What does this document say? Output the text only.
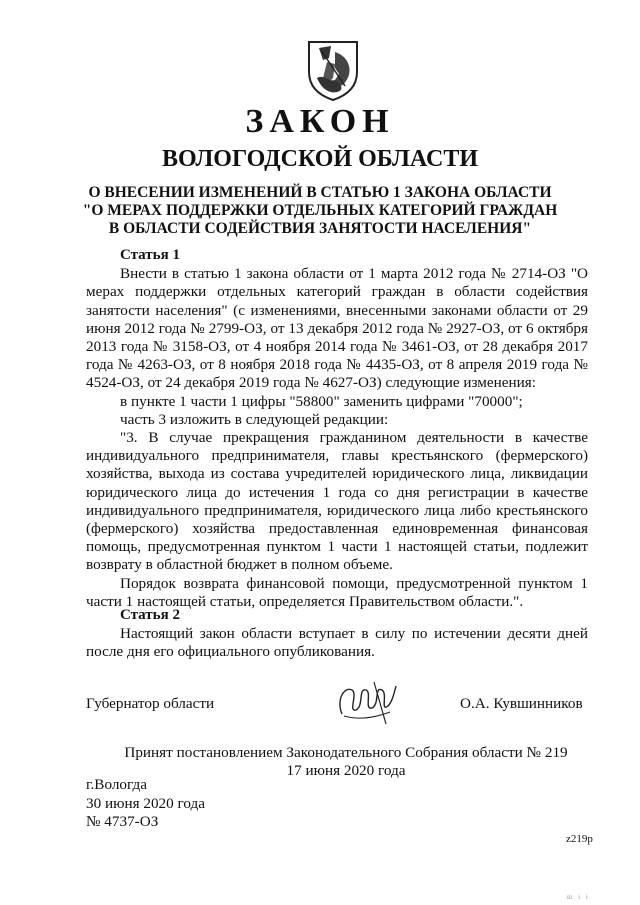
ЗАКОН
ВОЛОГОДСКОЙ ОБЛАСТИ
О ВНЕСЕНИИ ИЗМЕНЕНИЙ В СТАТЬЮ 1 ЗАКОНА ОБЛАСТИ
"О МЕРАХ ПОДДЕРЖКИ ОТДЕЛЬНЫХ КАТЕГОРИЙ ГРАЖДАН
В ОБЛАСТИ СОДЕЙСТВИЯ ЗАНЯТОСТИ НАСЕЛЕНИЯ"

Статья 1

Внести в статью 1 закона области от 1 марта 2012 года № 2714-ОЗ "О мерах поддержки отдельных категорий граждан в области содействия занятости населения" (с изменениями, внесенными законами области от 29 июня 2012 года № 2799-ОЗ, от 13 декабря 2012 года № 2927-ОЗ, от 6 октября 2013 года № 3158-ОЗ, от 4 ноября 2014 года № 3461-ОЗ, от 28 декабря 2017 года № 4263-ОЗ, от 8 ноября 2018 года № 4435-ОЗ, от 8 апреля 2019 года № 4524-ОЗ, от 24 декабря 2019 года № 4627-ОЗ) следующие изменения:

в пункте 1 части 1 цифры "58800" заменить цифрами "70000";

часть 3 изложить в следующей редакции:

"3. В случае прекращения гражданином деятельности в качестве индивидуального предпринимателя, главы крестьянского (фермерского) хозяйства, выхода из состава учредителей юридического лица, ликвидации юридического лица до истечения 1 года со дня регистрации в качестве индивидуального предпринимателя, юридического лица либо крестьянского (фермерского) хозяйства предоставленная единовременная финансовая помощь, предусмотренная пунктом 1 части 1 настоящей статьи, подлежит возврату в областной бюджет в полном объеме.

Порядок возврата финансовой помощи, предусмотренной пунктом 1 части 1 настоящей статьи, определяется Правительством области.".

Статья 2

Настоящий закон области вступает в силу по истечении десяти дней после дня его официального опубликования.

Губернатор области	О.А. Кувшинников
Принят постановлением Законодательного Собрания области № 219
17 июня 2020 года
г.Вологда
30 июня 2020 года
№ 4737-ОЗ
z219р
ш і і
